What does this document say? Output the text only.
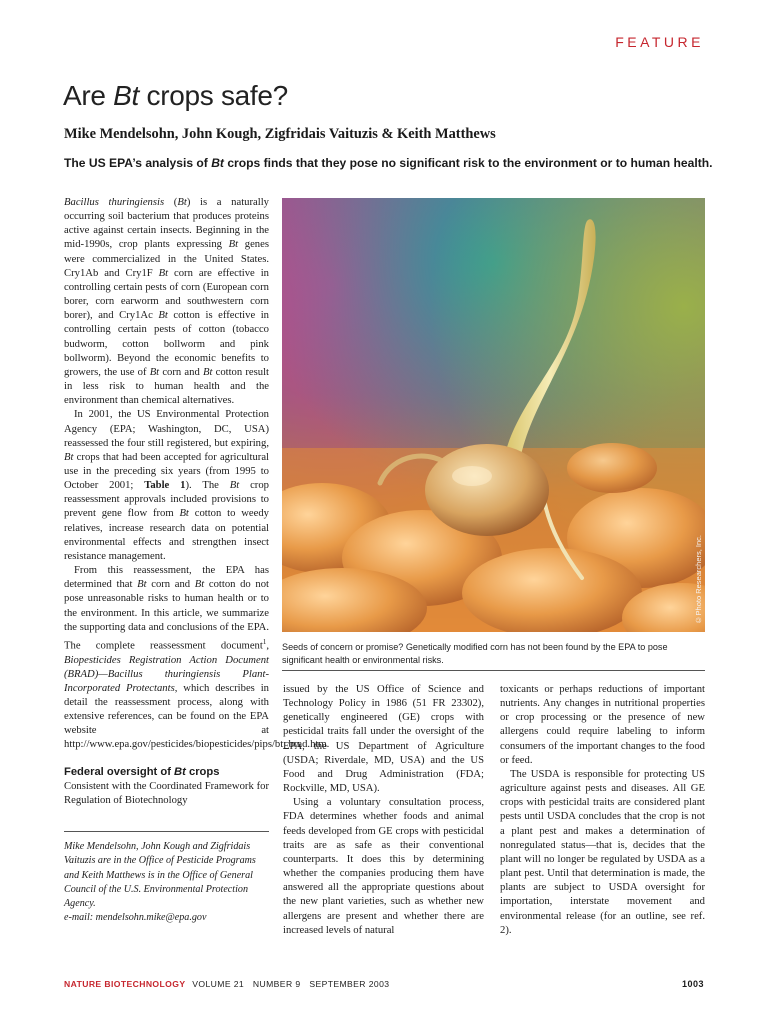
FEATURE
Are Bt crops safe?
Mike Mendelsohn, John Kough, Zigfridais Vaituzis & Keith Matthews
The US EPA’s analysis of Bt crops finds that they pose no significant risk to the environment or to human health.

Bacillus thuringiensis (Bt) is a naturally occurring soil bacterium that produces proteins active against certain insects. Beginning in the mid-1990s, crop plants expressing Bt genes were commercialized in the United States. Cry1Ab and Cry1F Bt corn are effective in controlling certain pests of corn (European corn borer, corn earworm and southwestern corn borer), and Cry1Ac Bt cotton is effective in controlling certain pests of cotton (tobacco budworm, cotton bollworm and pink bollworm). Beyond the economic benefits to growers, the use of Bt corn and Bt cotton result in less risk to human health and the environment than chemical alternatives.

In 2001, the US Environmental Protection Agency (EPA; Washington, DC, USA) reassessed the four still registered, but expiring, Bt crops that had been accepted for agricultural use in the preceding six years (from 1995 to October 2001; Table 1). The Bt crop reassessment approvals included provisions to prevent gene flow from Bt cotton to weedy relatives, increase research data on potential environmental effects and strengthen insect resistance management.

From this reassessment, the EPA has determined that Bt corn and Bt cotton do not pose unreasonable risks to human health or to the environment. In this article, we summarize the supporting data and conclusions of the EPA. The complete reassessment document$^1$, Biopesticides Registration Action Document (BRAD)—Bacillus thuringiensis Plant-Incorporated Protectants, which describes in detail the reassessment process, along with extensive references, can be found on the EPA website at http://www.epa.gov/pesticides/biopesticides/pips/bt_brad.htm.

Federal oversight of Bt crops

Consistent with the Coordinated Framework for Regulation of Biotechnology

©Photo Researchers, Inc.
Seeds of concern or promise? Genetically modified corn has not been found by the EPA to pose significant health or environmental risks.

issued by the US Office of Science and Technology Policy in 1986 (51 FR 23302), genetically engineered (GE) crops with pesticidal traits fall under the oversight of the EPA, the US Department of Agriculture (USDA; Riverdale, MD, USA) and the US Food and Drug Administration (FDA; Rockville, MD, USA).

Using a voluntary consultation process, FDA determines whether foods and animal feeds developed from GE crops with pesticidal traits are as safe as their conventional counterparts. It does this by determining whether the companies producing them have answered all the appropriate questions about the new plant varieties, such as whether new allergens are present and whether there are increased levels of natural

toxicants or perhaps reductions of important nutrients. Any changes in nutritional properties or crop processing or the presence of new allergens could require labeling to inform consumers of the important changes to the food or feed.

The USDA is responsible for protecting US agriculture against pests and diseases. All GE crops with pesticidal traits are considered plant pests until USDA concludes that the crop is not a plant pest and makes a determination of nonregulated status—that is, decides that the plant will no longer be regulated by USDA as a plant pest. Until that determination is made, the plants are subject to USDA oversight for importation, interstate movement and environmental release (for an outline, see ref. 2).

Mike Mendelsohn, John Kough and Zigfridais Vaituzis are in the Office of Pesticide Programs and Keith Matthews is in the Office of General Council of the U.S. Environmental Protection Agency.

e-mail: mendelsohn.mike@epa.gov

NATURE BIOTECHNOLOGY VOLUME 21 NUMBER 9 SEPTEMBER 2003	1003
